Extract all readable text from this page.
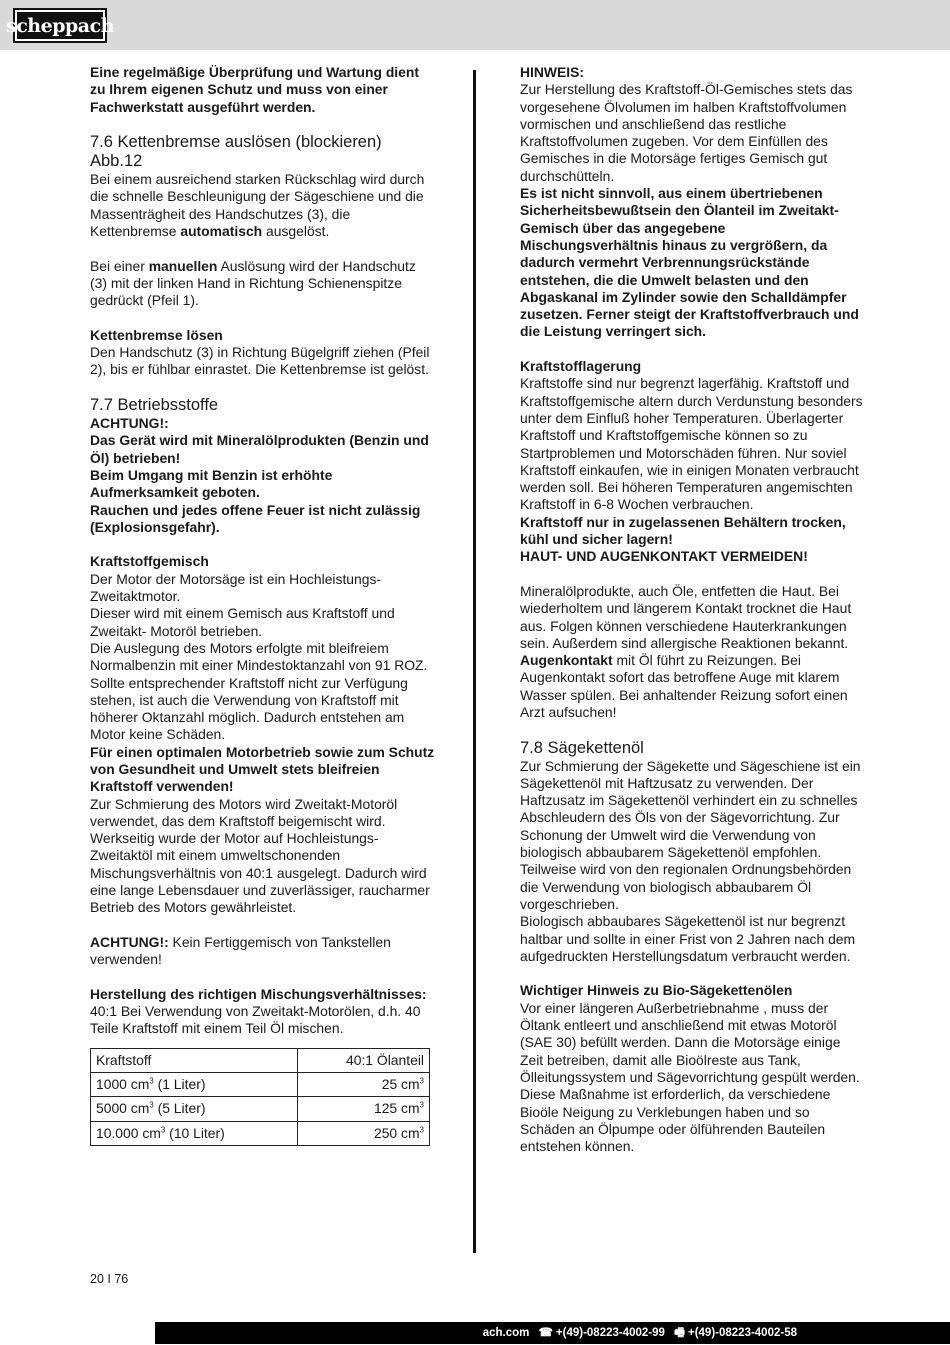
scheppach

Eine regelmäßige Überprüfung und Wartung dient zu Ihrem eigenen Schutz und muss von einer Fachwerkstatt ausgeführt werden.

7.6 Kettenbremse auslösen (blockieren) Abb.12

Bei einem ausreichend starken Rückschlag wird durch die schnelle Beschleunigung der Sägeschiene und die Massenträgheit des Handschutzes (3), die Kettenbremse automatisch ausgelöst.

Bei einer manuellen Auslösung wird der Handschutz (3) mit der linken Hand in Richtung Schienenspitze gedrückt (Pfeil 1).

Kettenbremse lösen

Den Handschutz (3) in Richtung Bügelgriff ziehen (Pfeil 2), bis er fühlbar einrastet. Die Kettenbremse ist gelöst.

7.7 Betriebsstoffe

ACHTUNG!:

Das Gerät wird mit Mineralölprodukten (Benzin und Öl) betrieben!

Beim Umgang mit Benzin ist erhöhte Aufmerksamkeit geboten.

Rauchen und jedes offene Feuer ist nicht zulässig (Explosionsgefahr).

Kraftstoffgemisch

Der Motor der Motorsäge ist ein Hochleistungs-Zweitaktmotor.

Dieser wird mit einem Gemisch aus Kraftstoff und Zweitakt- Motoröl betrieben.

Die Auslegung des Motors erfolgte mit bleifreiem Normalbenzin mit einer Mindestoktanzahl von 91 ROZ. Sollte entsprechender Kraftstoff nicht zur Verfügung stehen, ist auch die Verwendung von Kraftstoff mit höherer Oktanzahl möglich. Dadurch entstehen am Motor keine Schäden.

Für einen optimalen Motorbetrieb sowie zum Schutz von Gesundheit und Umwelt stets bleifreien Kraftstoff verwenden!

Zur Schmierung des Motors wird Zweitakt-Motoröl verwendet, das dem Kraftstoff beigemischt wird. Werkseitig wurde der Motor auf Hochleistungs-Zweitaktöl mit einem umweltschonenden Mischungsverhältnis von 40:1 ausgelegt. Dadurch wird eine lange Lebensdauer und zuverlässiger, raucharmer Betrieb des Motors gewährleistet.

ACHTUNG!: Kein Fertiggemisch von Tankstellen verwenden!

Herstellung des richtigen Mischungsverhältnisses:

40:1 Bei Verwendung von Zweitakt-Motorölen, d.h. 40 Teile Kraftstoff mit einem Teil Öl mischen.

Kraftstoff	40:1 Ölanteil
1000 $cm^3$ (1 Liter)	25 $cm^3$
5000 $cm^3$ (5 Liter)	125 $cm^3$
10.000 $cm^3$ (10 Liter)	250 $cm^3$

HINWEIS:

Zur Herstellung des Kraftstoff-Öl-Gemisches stets das vorgesehene Ölvolumen im halben Kraftstoffvolumen vormischen und anschließend das restliche Kraftstoffvolumen zugeben. Vor dem Einfüllen des Gemisches in die Motorsäge fertiges Gemisch gut durchschütteln.

Es ist nicht sinnvoll, aus einem übertriebenen Sicherheitsbewußtsein den Ölanteil im Zweitakt-Gemisch über das angegebene Mischungsverhältnis hinaus zu vergrößern, da dadurch vermehrt Verbrennungsrückstände entstehen, die die Umwelt belasten und den Abgaskanal im Zylinder sowie den Schalldämpfer zusetzen. Ferner steigt der Kraftstoffverbrauch und die Leistung verringert sich.

Kraftstofflagerung

Kraftstoffe sind nur begrenzt lagerfähig. Kraftstoff und Kraftstoffgemische altern durch Verdunstung besonders unter dem Einfluß hoher Temperaturen. Überlagerter Kraftstoff und Kraftstoffgemische können so zu Startproblemen und Motorschäden führen. Nur soviel Kraftstoff einkaufen, wie in einigen Monaten verbraucht werden soll. Bei höheren Temperaturen angemischten Kraftstoff in 6-8 Wochen verbrauchen.

Kraftstoff nur in zugelassenen Behältern trocken, kühl und sicher lagern!

HAUT- UND AUGENKONTAKT VERMEIDEN!

Mineralölprodukte, auch Öle, entfetten die Haut. Bei wiederholtem und längerem Kontakt trocknet die Haut aus. Folgen können verschiedene Hauterkrankungen sein. Außerdem sind allergische Reaktionen bekannt.

Augenkontakt mit Öl führt zu Reizungen. Bei Augenkontakt sofort das betroffene Auge mit klarem Wasser spülen. Bei anhaltender Reizung sofort einen Arzt aufsuchen!

7.8 Sägekettenöl

Zur Schmierung der Sägekette und Sägeschiene ist ein Sägekettenöl mit Haftzusatz zu verwenden. Der Haftzusatz im Sägekettenöl verhindert ein zu schnelles Abschleudern des Öls von der Sägevorrichtung. Zur Schonung der Umwelt wird die Verwendung von biologisch abbaubarem Sägekettenöl empfohlen. Teilweise wird von den regionalen Ordnungsbehörden die Verwendung von biologisch abbaubarem Öl vorgeschrieben.

Biologisch abbaubares Sägekettenöl ist nur begrenzt haltbar und sollte in einer Frist von 2 Jahren nach dem aufgedruckten Herstellungsdatum verbraucht werden.

Wichtiger Hinweis zu Bio-Sägekettenölen

Vor einer längeren Außerbetriebnahme , muss der Öltank entleert und anschließend mit etwas Motoröl (SAE 30) befüllt werden. Dann die Motorsäge einige Zeit betreiben, damit alle Bioölreste aus Tank, Ölleitungssystem und Sägevorrichtung gespült werden. Diese Maßnahme ist erforderlich, da verschiedene Bioöle Neigung zu Verklebungen haben und so Schäden an Ölpumpe oder ölführenden Bauteilen entstehen können.

20 I 76
ach.com ☎ +(49)-08223-4002-99 🖷 +(49)-08223-4002-58
